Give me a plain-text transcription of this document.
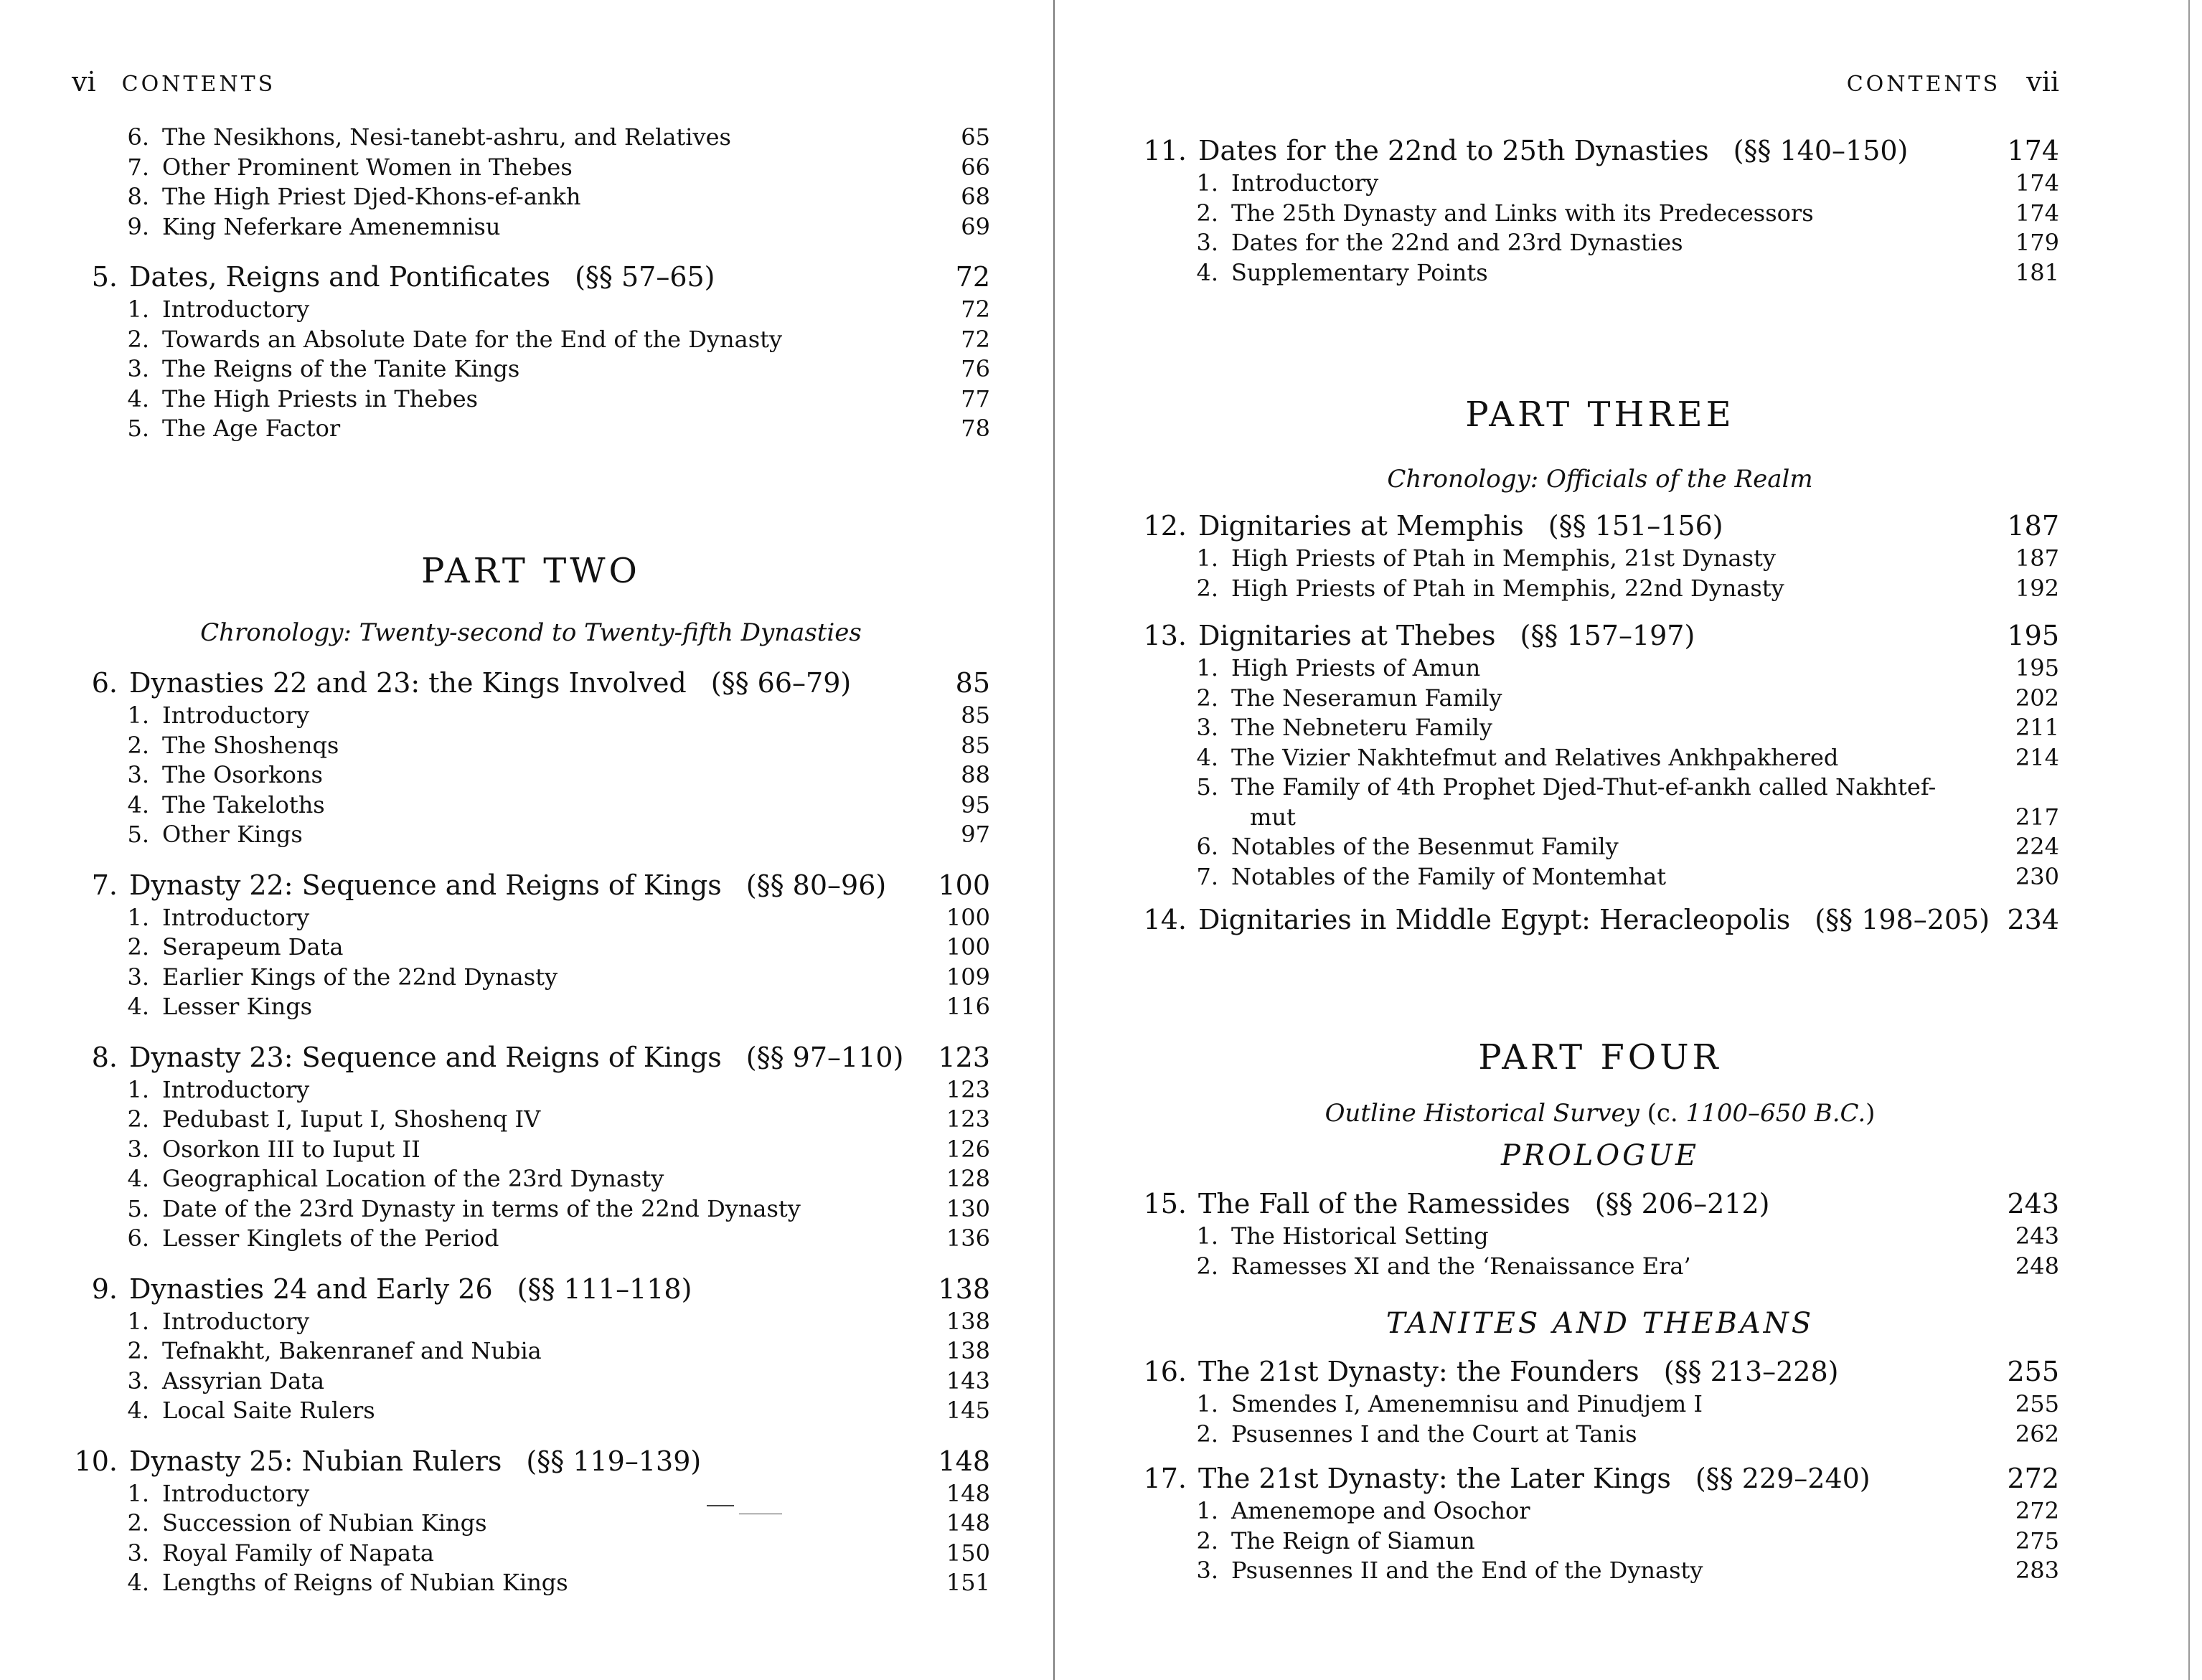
vi CONTENTS
6. The Nesikhons, Nesi-tanebt-ashru, and Relatives	65
7. Other Prominent Women in Thebes	66
8. The High Priest Djed-Khons-ef-ankh	68
9. King Neferkare Amenemnisu	69
5. Dates, Reigns and Pontificates (§§ 57–65)	72
1. Introductory	72
2. Towards an Absolute Date for the End of the Dynasty	72
3. The Reigns of the Tanite Kings	76
4. The High Priests in Thebes	77
5. The Age Factor	78
PART TWO
Chronology: Twenty-second to Twenty-fifth Dynasties
6. Dynasties 22 and 23: the Kings Involved (§§ 66–79)	85
1. Introductory	85
2. The Shoshenqs	85
3. The Osorkons	88
4. The Takeloths	95
5. Other Kings	97
7. Dynasty 22: Sequence and Reigns of Kings (§§ 80–96) 100
1. Introductory	100
2. Serapeum Data	100
3. Earlier Kings of the 22nd Dynasty	109
4. Lesser Kings	116
8. Dynasty 23: Sequence and Reigns of Kings (§§ 97–110) 123
1. Introductory	123
2. Pedubast I, Iuput I, Shoshenq IV	123
3. Osorkon III to Iuput II	126
4. Geographical Location of the 23rd Dynasty	128
5. Date of the 23rd Dynasty in terms of the 22nd Dynasty	130
6. Lesser Kinglets of the Period	136
9. Dynasties 24 and Early 26 (§§ 111–118)	138
1. Introductory	138
2. Tefnakht, Bakenranef and Nubia	138
3. Assyrian Data	143
4. Local Saite Rulers	145
10. Dynasty 25: Nubian Rulers (§§ 119–139)	148
1. Introductory	148
2. Succession of Nubian Kings	148
3. Royal Family of Napata	150
4. Lengths of Reigns of Nubian Kings	151
CONTENTS vii
11. Dates for the 22nd to 25th Dynasties (§§ 140–150)	174
1. Introductory	174
2. The 25th Dynasty and Links with its Predecessors	174
3. Dates for the 22nd and 23rd Dynasties	179
4. Supplementary Points	181
PART THREE
Chronology: Officials of the Realm
12. Dignitaries at Memphis (§§ 151–156)	187
1. High Priests of Ptah in Memphis, 21st Dynasty	187
2. High Priests of Ptah in Memphis, 22nd Dynasty	192
13. Dignitaries at Thebes (§§ 157–197)	195
1. High Priests of Amun	195
2. The Neseramun Family	202
3. The Nebneteru Family	211
4. The Vizier Nakhtefmut and Relatives Ankhpakhered	214
5. The Family of 4th Prophet Djed-Thut-ef-ankh called Nakhtef-
mut	217
6. Notables of the Besenmut Family	224
7. Notables of the Family of Montemhat	230
14. Dignitaries in Middle Egypt: Heracleopolis (§§ 198–205) 234
PART FOUR
Outline Historical Survey (c. 1100–650 B.C.)
PROLOGUE
15. The Fall of the Ramessides (§§ 206–212)	243
1. The Historical Setting	243
2. Ramesses XI and the ‘Renaissance Era’	248
TANITES AND THEBANS
16. The 21st Dynasty: the Founders (§§ 213–228)	255
1. Smendes I, Amenemnisu and Pinudjem I	255
2. Psusennes I and the Court at Tanis	262
17. The 21st Dynasty: the Later Kings (§§ 229–240)	272
1. Amenemope and Osochor	272
2. The Reign of Siamun	275
3. Psusennes II and the End of the Dynasty	283
